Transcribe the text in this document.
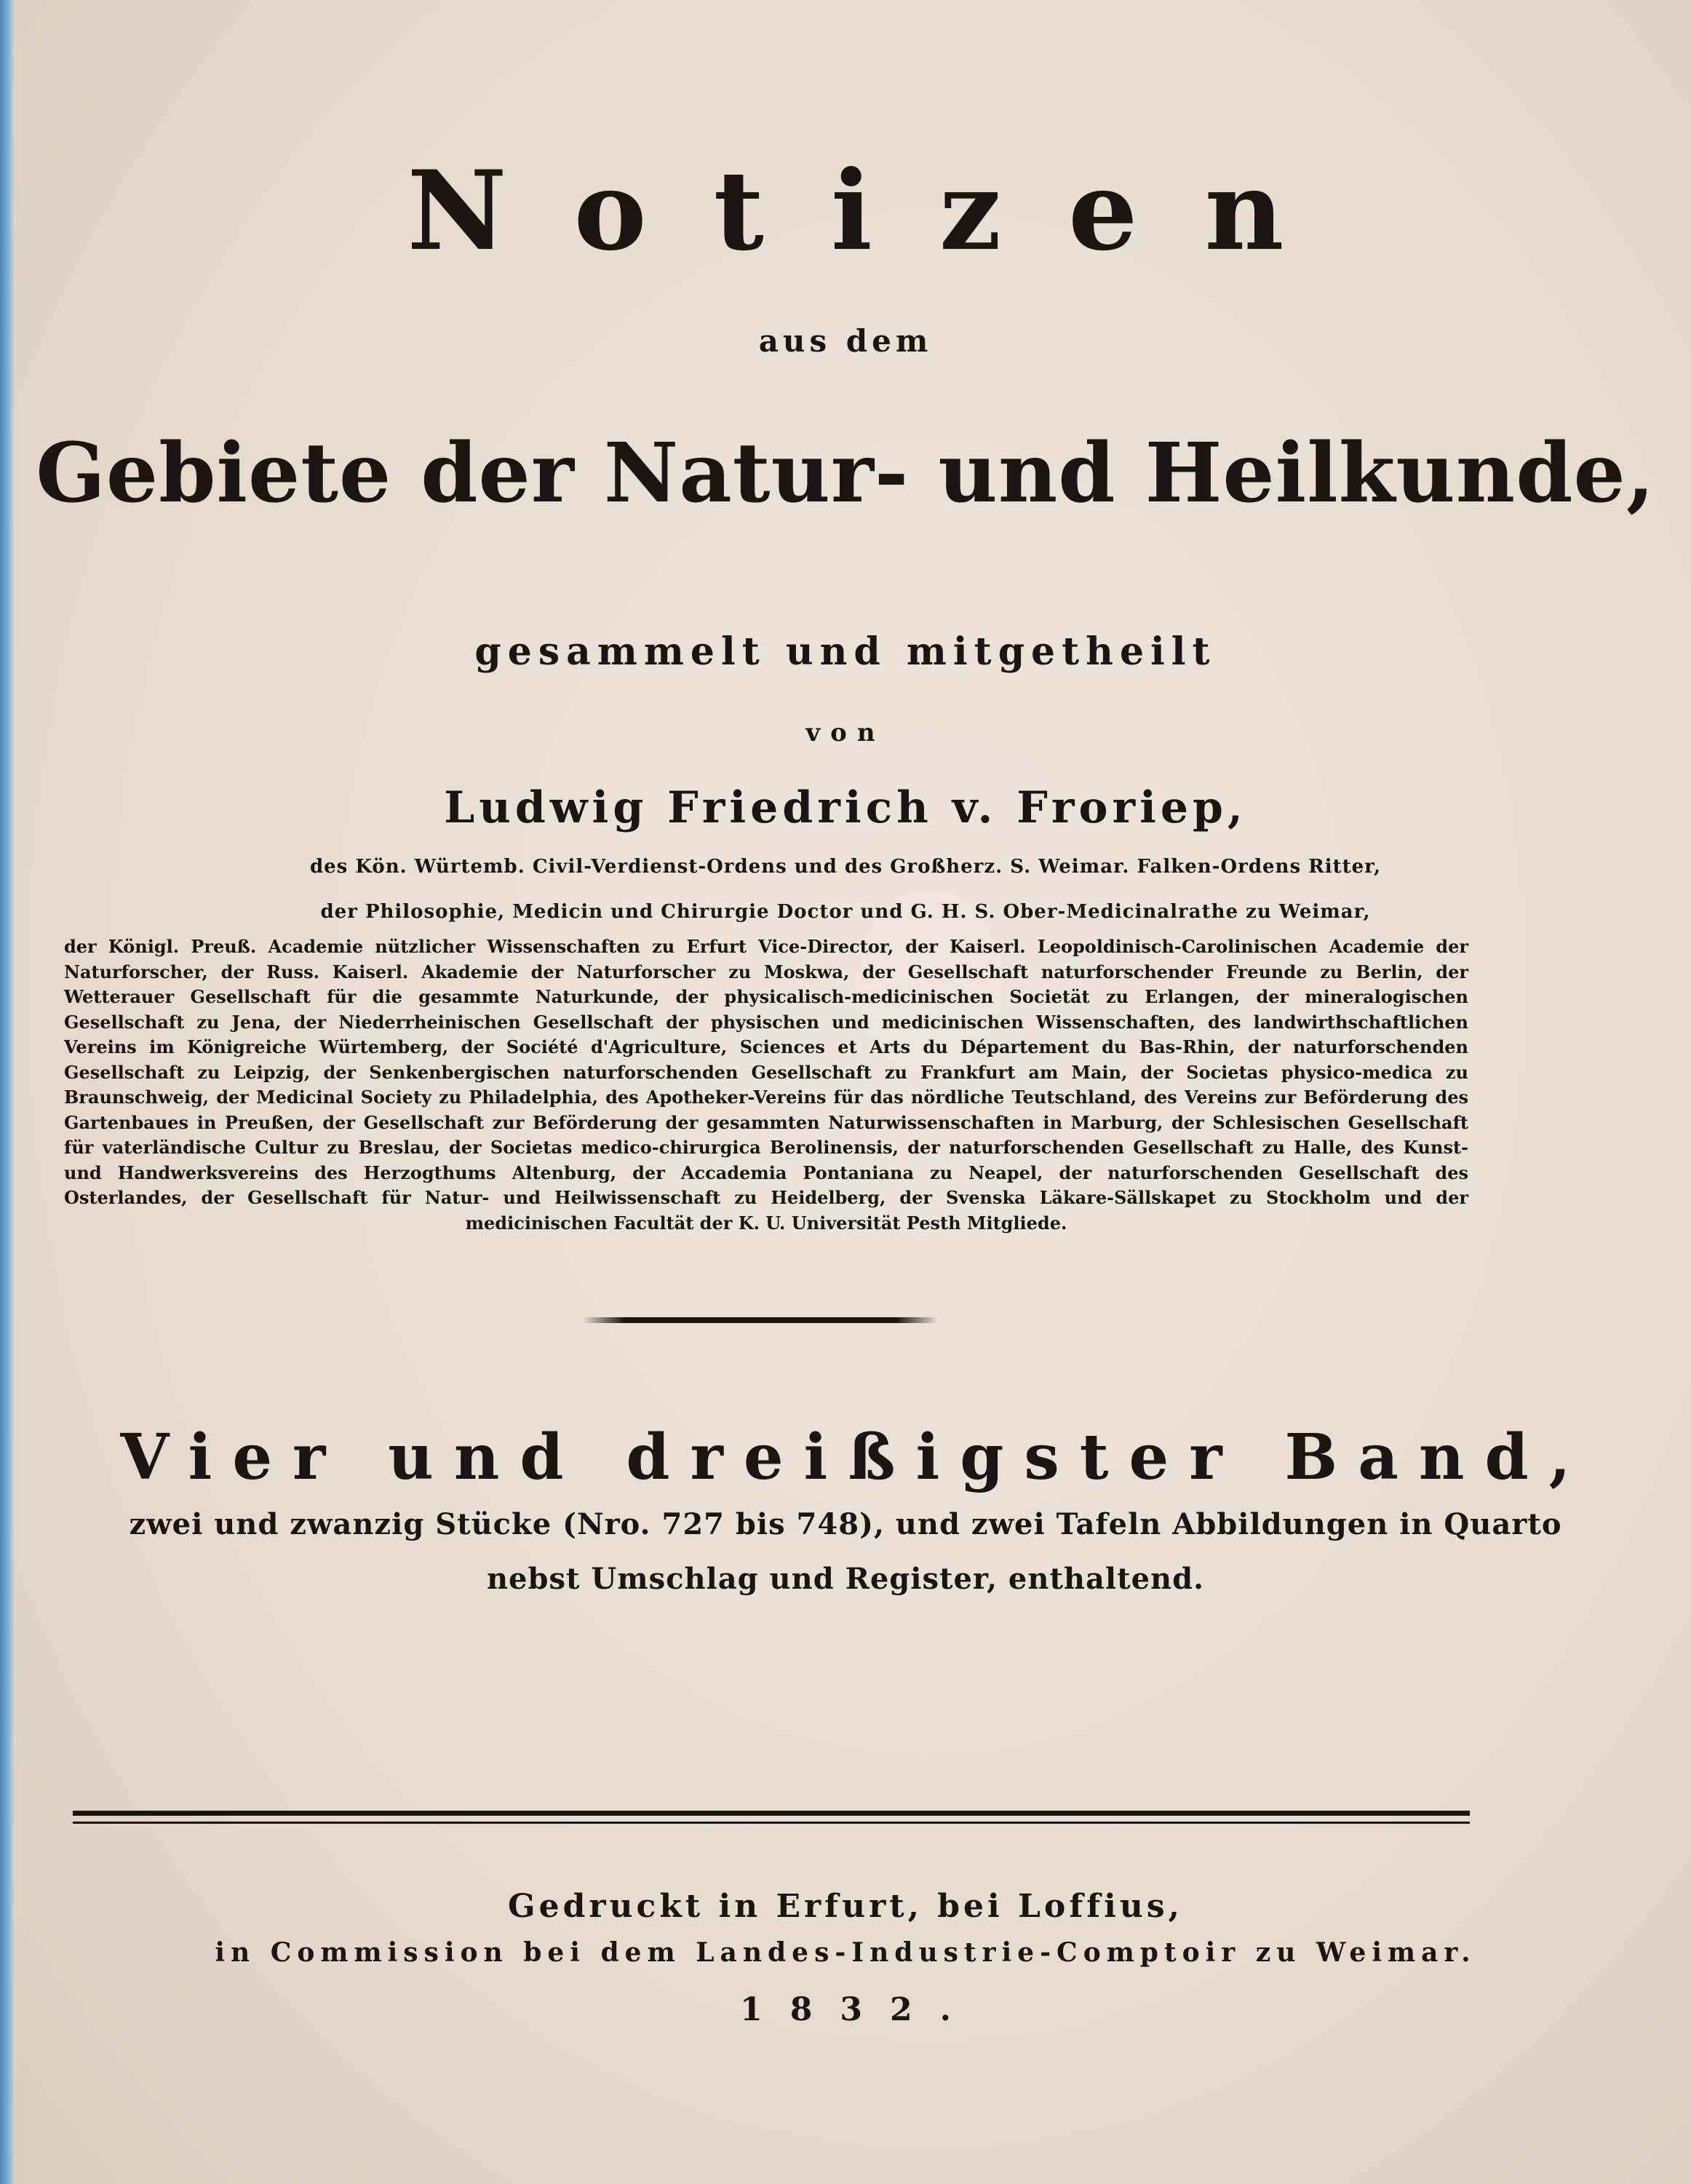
Notizen

aus dem

Gebiete der Natur- und Heilkunde,

gesammelt und mitgetheilt

von

Ludwig Friedrich v. Froriep,

des Kön. Würtemb. Civil-Verdienst-Ordens und des Großherz. S. Weimar. Falken-Ordens Ritter,

der Philosophie, Medicin und Chirurgie Doctor und G. H. S. Ober-Medicinalrathe zu Weimar,

der Königl. Preuß. Academie nützlicher Wissenschaften zu Erfurt Vice-Director, der Kaiserl. Leopoldinisch-Carolinischen Academie der Naturforscher, der Russ. Kaiserl. Akademie der Naturforscher zu Moskwa, der Gesellschaft naturforschender Freunde zu Berlin, der Wetterauer Gesellschaft für die gesammte Naturkunde, der physicalisch-medicinischen Societät zu Erlangen, der mineralogischen Gesellschaft zu Jena, der Niederrheinischen Gesellschaft der physischen und medicinischen Wissenschaften, des landwirthschaftlichen Vereins im Königreiche Würtemberg, der Société d'Agriculture, Sciences et Arts du Département du Bas-Rhin, der naturforschenden Gesellschaft zu Leipzig, der Senkenbergischen naturforschenden Gesellschaft zu Frankfurt am Main, der Societas physico-medica zu Braunschweig, der Medicinal Society zu Philadelphia, des Apotheker-Vereins für das nördliche Teutschland, des Vereins zur Beförderung des Gartenbaues in Preußen, der Gesellschaft zur Beförderung der gesammten Naturwissenschaften in Marburg, der Schlesischen Gesellschaft für vaterländische Cultur zu Breslau, der Societas medico-chirurgica Berolinensis, der naturforschenden Gesellschaft zu Halle, des Kunst- und Handwerksvereins des Herzogthums Altenburg, der Accademia Pontaniana zu Neapel, der naturforschenden Gesellschaft des Osterlandes, der Gesellschaft für Natur- und Heilwissenschaft zu Heidelberg, der Svenska Läkare-Sällskapet zu Stockholm und der medicinischen Facultät der K. U. Universität Pesth Mitgliede.

Vier und dreißigster Band,

zwei und zwanzig Stücke (Nro. 727 bis 748), und zwei Tafeln Abbildungen in Quarto

nebst Umschlag und Register, enthaltend.

Gedruckt in Erfurt, bei Loffius,

in Commission bei dem Landes-Industrie-Comptoir zu Weimar.

1832.
